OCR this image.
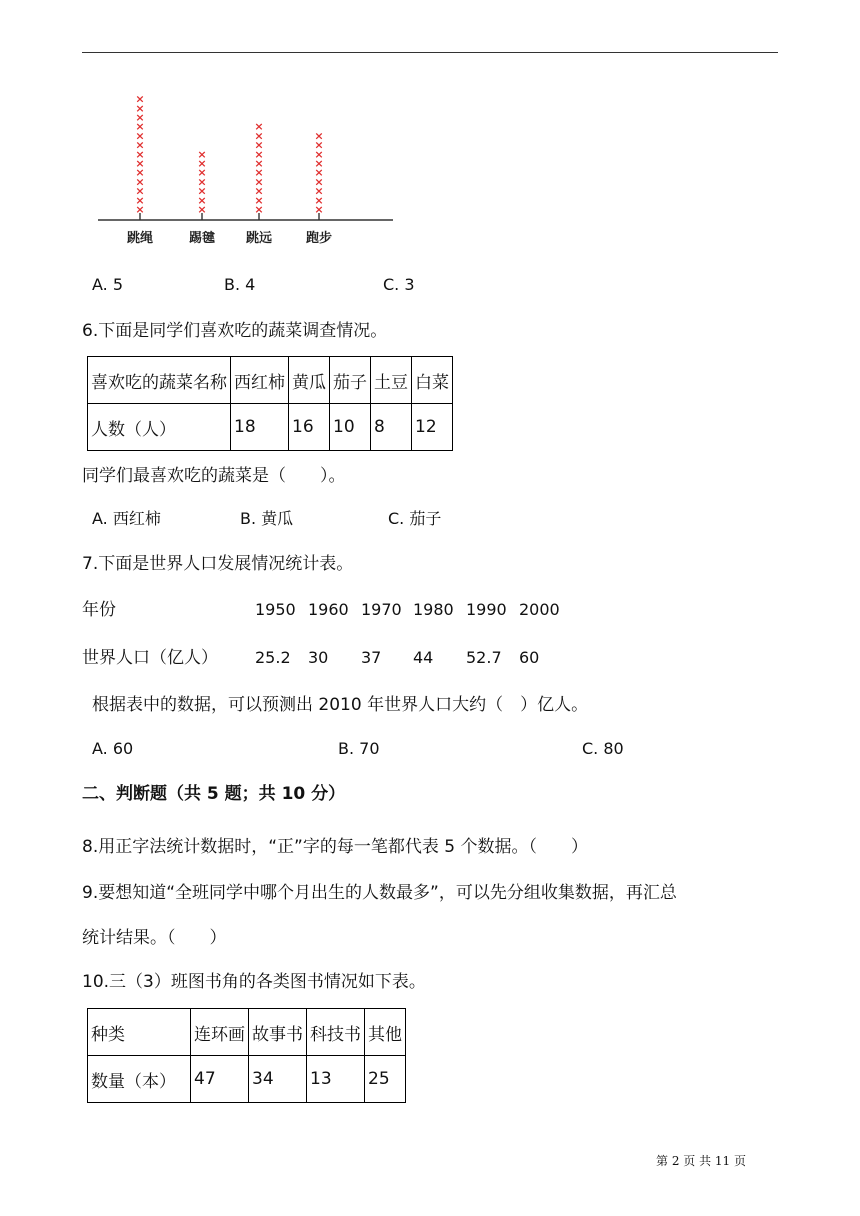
×
×
×
×
×
×
×
×
×
×
×
×
×
跳绳
×
×
×
×
×
×
×
踢毽
×
×
×
×
×
×
×
×
×
×
跳远
×
×
×
×
×
×
×
×
×
跑步
A. 5	B. 4	C. 3
6.下面是同学们喜欢吃的蔬菜调查情况。
喜欢吃的蔬菜名称	西红柿	黄瓜	茄子	土豆	白菜
人数（人）	18	16	10	8	12
同学们最喜欢吃的蔬菜是（　　）。
A. 西红柿	B. 黄瓜	C. 茄子
7.下面是世界人口发展情况统计表。
年份	1950 1960 1970 1980 1990 2000
世界人口（亿人） 25.2 30 37 44 52.7 60
根据表中的数据，可以预测出 2010 年世界人口大约（　）亿人。
A. 60	B. 70	C. 80
二、判断题（共 5 题；共 10 分）
8.用正字法统计数据时，“正”字的每一笔都代表 5 个数据。（　　）
9.要想知道“全班同学中哪个月出生的人数最多”，可以先分组收集数据，再汇总
统计结果。（　　）
10.三（3）班图书角的各类图书情况如下表。
种类	连环画	故事书	科技书	其他
数量（本）	47	34	13	25
第 2 页 共 11 页
